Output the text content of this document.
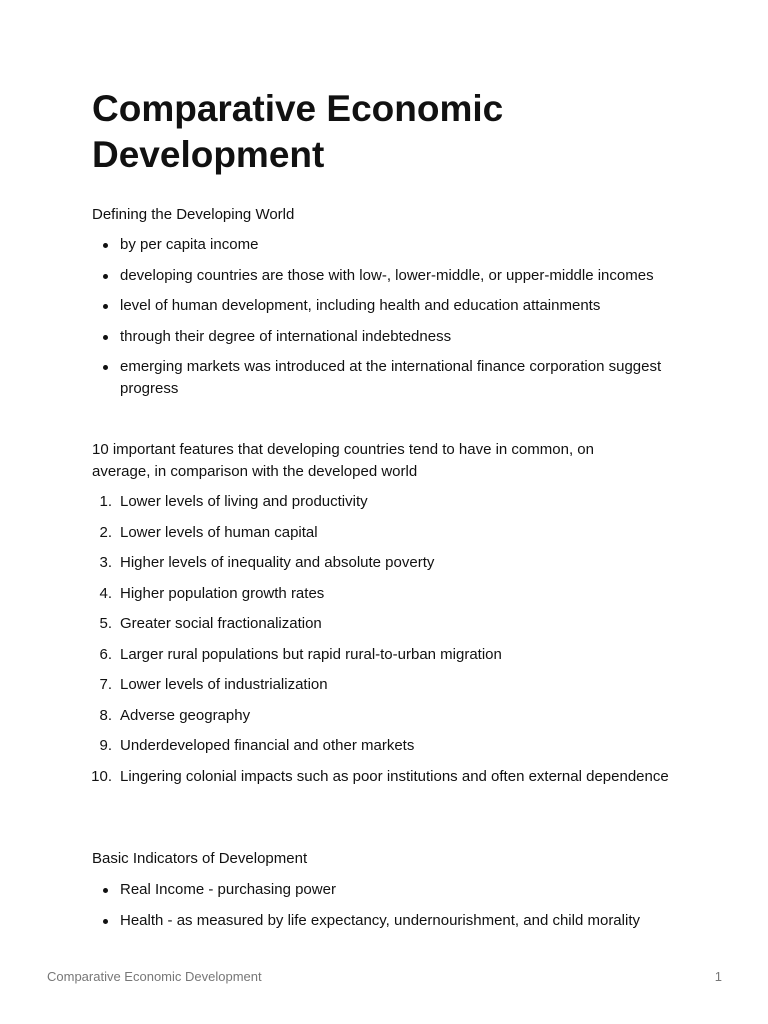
Comparative Economic Development

Defining the Developing World

by per capita income
developing countries are those with low-, lower-middle, or upper-middle incomes
level of human development, including health and education attainments
through their degree of international indebtedness
emerging markets was introduced at the international finance corporation suggest progress

10 important features that developing countries tend to have in common, on average, in comparison with the developed world

1. Lower levels of living and productivity
2. Lower levels of human capital
3. Higher levels of inequality and absolute poverty
4. Higher population growth rates
5. Greater social fractionalization
6. Larger rural populations but rapid rural-to-urban migration
7. Lower levels of industrialization
8. Adverse geography
9. Underdeveloped financial and other markets
10. Lingering colonial impacts such as poor institutions and often external dependence

Basic Indicators of Development

Real Income - purchasing power
Health - as measured by life expectancy, undernourishment, and child morality
Comparative Economic Development	1
